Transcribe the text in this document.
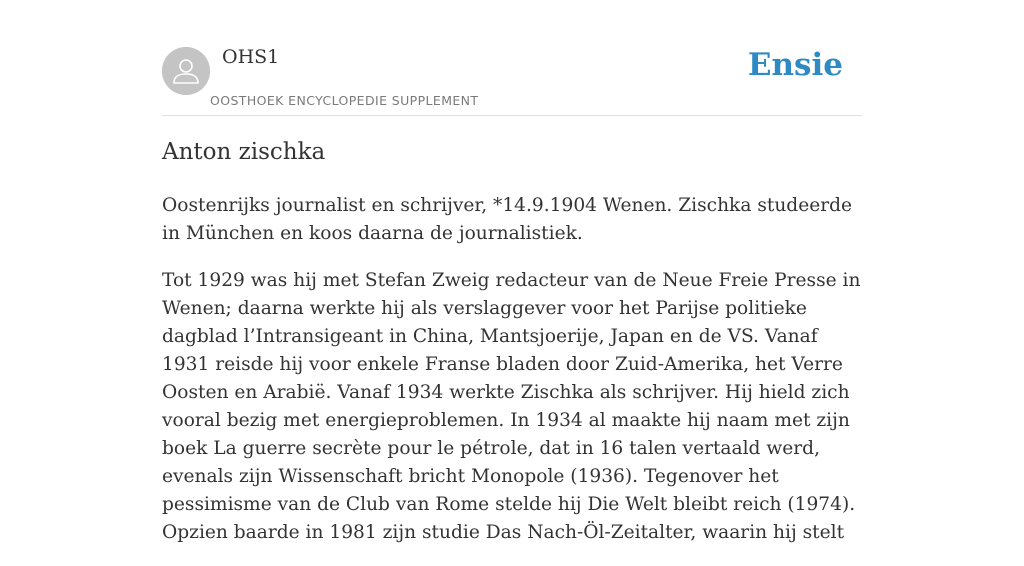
OHS1
OOSTHOEK ENCYCLOPEDIE SUPPLEMENT
Ensie
Anton zischka

Oostenrijks journalist en schrijver, *14.9.1904 Wenen. Zischka studeerde in München en koos daarna de journalistiek.

Tot 1929 was hij met Stefan Zweig redacteur van de Neue Freie Presse in Wenen; daarna werkte hij als verslaggever voor het Parijse politieke dagblad l’Intransigeant in China, Mantsjoerije, Japan en de VS. Vanaf 1931 reisde hij voor enkele Franse bladen door Zuid-Amerika, het Verre Oosten en Arabië. Vanaf 1934 werkte Zischka als schrijver. Hij hield zich vooral bezig met energieproblemen. In 1934 al maakte hij naam met zijn boek La guerre secrète pour le pétrole, dat in 16 talen vertaald werd, evenals zijn Wissenschaft bricht Monopole (1936). Tegenover het pessimisme van de Club van Rome stelde hij Die Welt bleibt reich (1974). Opzien baarde in 1981 zijn studie Das Nach-Öl-Zeitalter, waarin hij stelt
